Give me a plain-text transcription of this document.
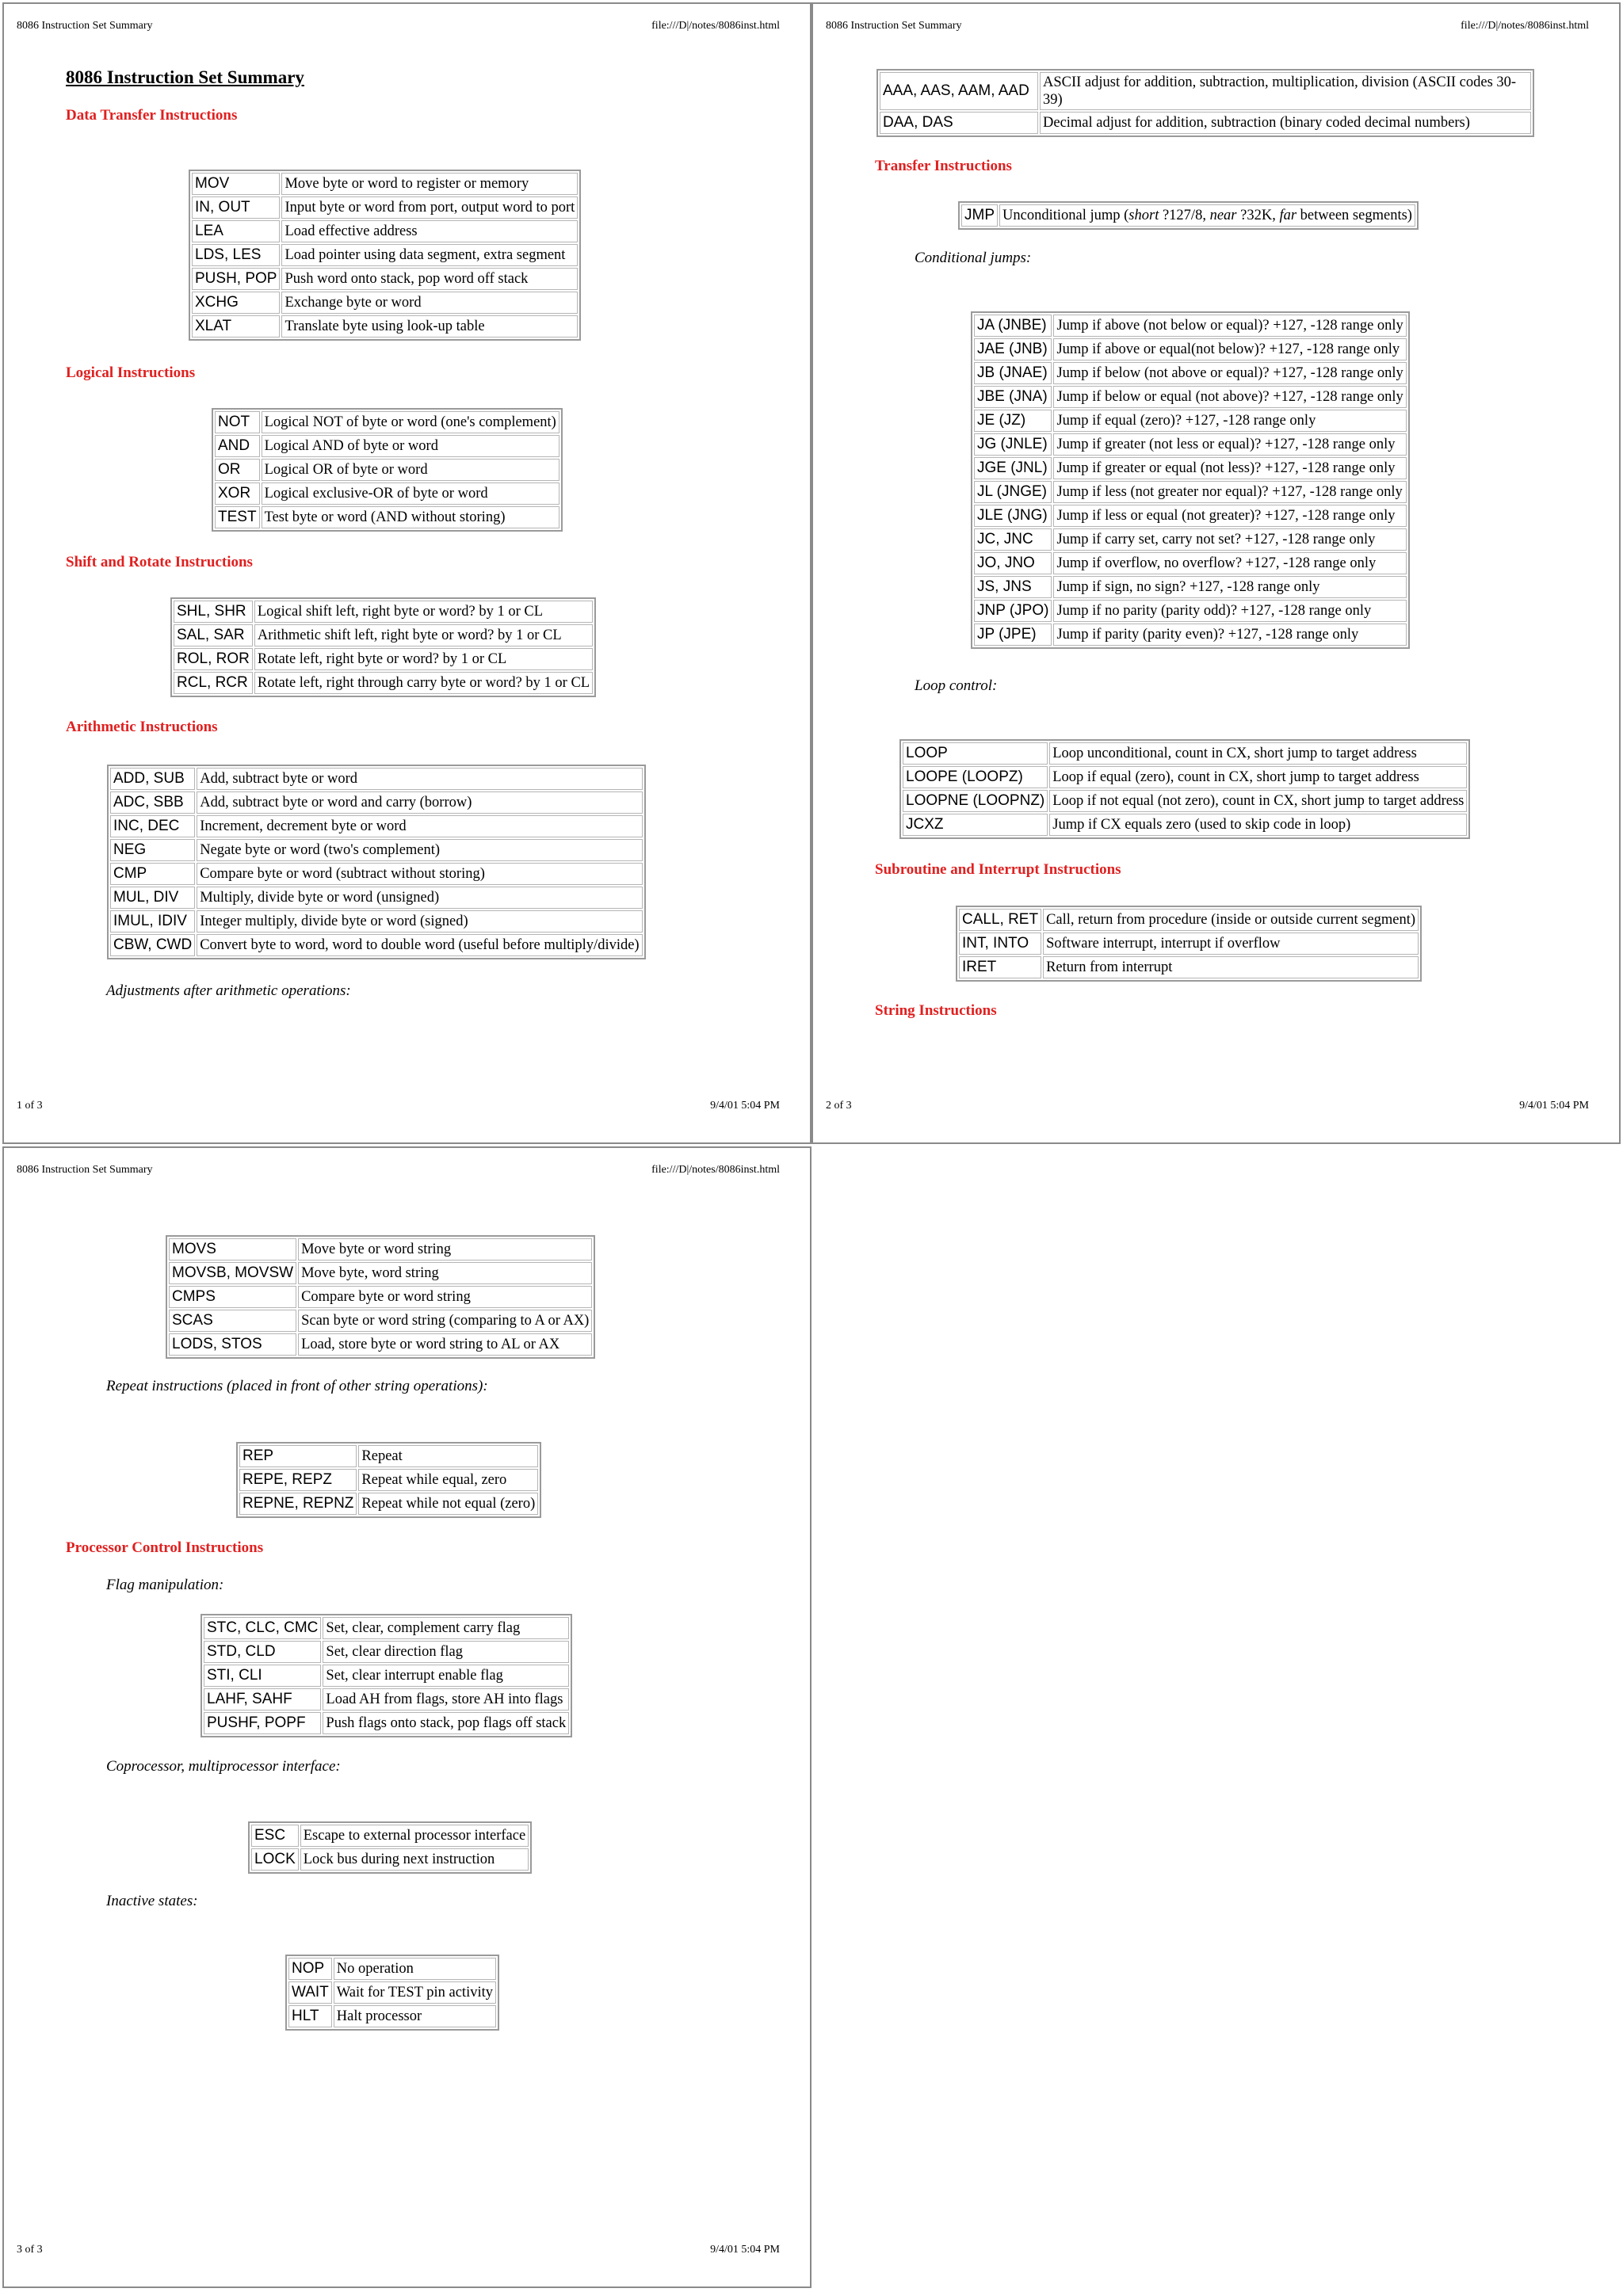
8086 Instruction Set Summary	file:///D|/notes/8086inst.html
8086 Instruction Set Summary
Data Transfer Instructions
MOV	Move byte or word to register or memory
IN, OUT	Input byte or word from port, output word to port
LEA	Load effective address
LDS, LES	Load pointer using data segment, extra segment
PUSH, POP	Push word onto stack, pop word off stack
XCHG	Exchange byte or word
XLAT	Translate byte using look-up table
Logical Instructions
NOT	Logical NOT of byte or word (one's complement)
AND	Logical AND of byte or word
OR	Logical OR of byte or word
XOR	Logical exclusive-OR of byte or word
TEST	Test byte or word (AND without storing)
Shift and Rotate Instructions
SHL, SHR	Logical shift left, right byte or word? by 1 or CL
SAL, SAR	Arithmetic shift left, right byte or word? by 1 or CL
ROL, ROR	Rotate left, right byte or word? by 1 or CL
RCL, RCR	Rotate left, right through carry byte or word? by 1 or CL
Arithmetic Instructions
ADD, SUB	Add, subtract byte or word
ADC, SBB	Add, subtract byte or word and carry (borrow)
INC, DEC	Increment, decrement byte or word
NEG	Negate byte or word (two's complement)
CMP	Compare byte or word (subtract without storing)
MUL, DIV	Multiply, divide byte or word (unsigned)
IMUL, IDIV	Integer multiply, divide byte or word (signed)
CBW, CWD	Convert byte to word, word to double word (useful before multiply/divide)
Adjustments after arithmetic operations:
1 of 3	9/4/01 5:04 PM
8086 Instruction Set Summary	file:///D|/notes/8086inst.html
AAA, AAS, AAM, AAD	ASCII adjust for addition, subtraction, multiplication, division (ASCII codes 30-39)
DAA, DAS	Decimal adjust for addition, subtraction (binary coded decimal numbers)
Transfer Instructions
JMP	Unconditional jump (short ?127/8, near ?32K, far between segments)
Conditional jumps:
JA (JNBE)	Jump if above (not below or equal)? +127, -128 range only
JAE (JNB)	Jump if above or equal(not below)? +127, -128 range only
JB (JNAE)	Jump if below (not above or equal)? +127, -128 range only
JBE (JNA)	Jump if below or equal (not above)? +127, -128 range only
JE (JZ)	Jump if equal (zero)? +127, -128 range only
JG (JNLE)	Jump if greater (not less or equal)? +127, -128 range only
JGE (JNL)	Jump if greater or equal (not less)? +127, -128 range only
JL (JNGE)	Jump if less (not greater nor equal)? +127, -128 range only
JLE (JNG)	Jump if less or equal (not greater)? +127, -128 range only
JC, JNC	Jump if carry set, carry not set? +127, -128 range only
JO, JNO	Jump if overflow, no overflow? +127, -128 range only
JS, JNS	Jump if sign, no sign? +127, -128 range only
JNP (JPO)	Jump if no parity (parity odd)? +127, -128 range only
JP (JPE)	Jump if parity (parity even)? +127, -128 range only
Loop control:
LOOP	Loop unconditional, count in CX, short jump to target address
LOOPE (LOOPZ)	Loop if equal (zero), count in CX, short jump to target address
LOOPNE (LOOPNZ)	Loop if not equal (not zero), count in CX, short jump to target address
JCXZ	Jump if CX equals zero (used to skip code in loop)
Subroutine and Interrupt Instructions
CALL, RET	Call, return from procedure (inside or outside current segment)
INT, INTO	Software interrupt, interrupt if overflow
IRET	Return from interrupt
String Instructions
2 of 3	9/4/01 5:04 PM
8086 Instruction Set Summary	file:///D|/notes/8086inst.html
MOVS	Move byte or word string
MOVSB, MOVSW	Move byte, word string
CMPS	Compare byte or word string
SCAS	Scan byte or word string (comparing to A or AX)
LODS, STOS	Load, store byte or word string to AL or AX
Repeat instructions (placed in front of other string operations):
REP	Repeat
REPE, REPZ	Repeat while equal, zero
REPNE, REPNZ	Repeat while not equal (zero)
Processor Control Instructions
Flag manipulation:
STC, CLC, CMC	Set, clear, complement carry flag
STD, CLD	Set, clear direction flag
STI, CLI	Set, clear interrupt enable flag
LAHF, SAHF	Load AH from flags, store AH into flags
PUSHF, POPF	Push flags onto stack, pop flags off stack
Coprocessor, multiprocessor interface:
ESC	Escape to external processor interface
LOCK	Lock bus during next instruction
Inactive states:
NOP	No operation
WAIT	Wait for TEST pin activity
HLT	Halt processor
3 of 3	9/4/01 5:04 PM
